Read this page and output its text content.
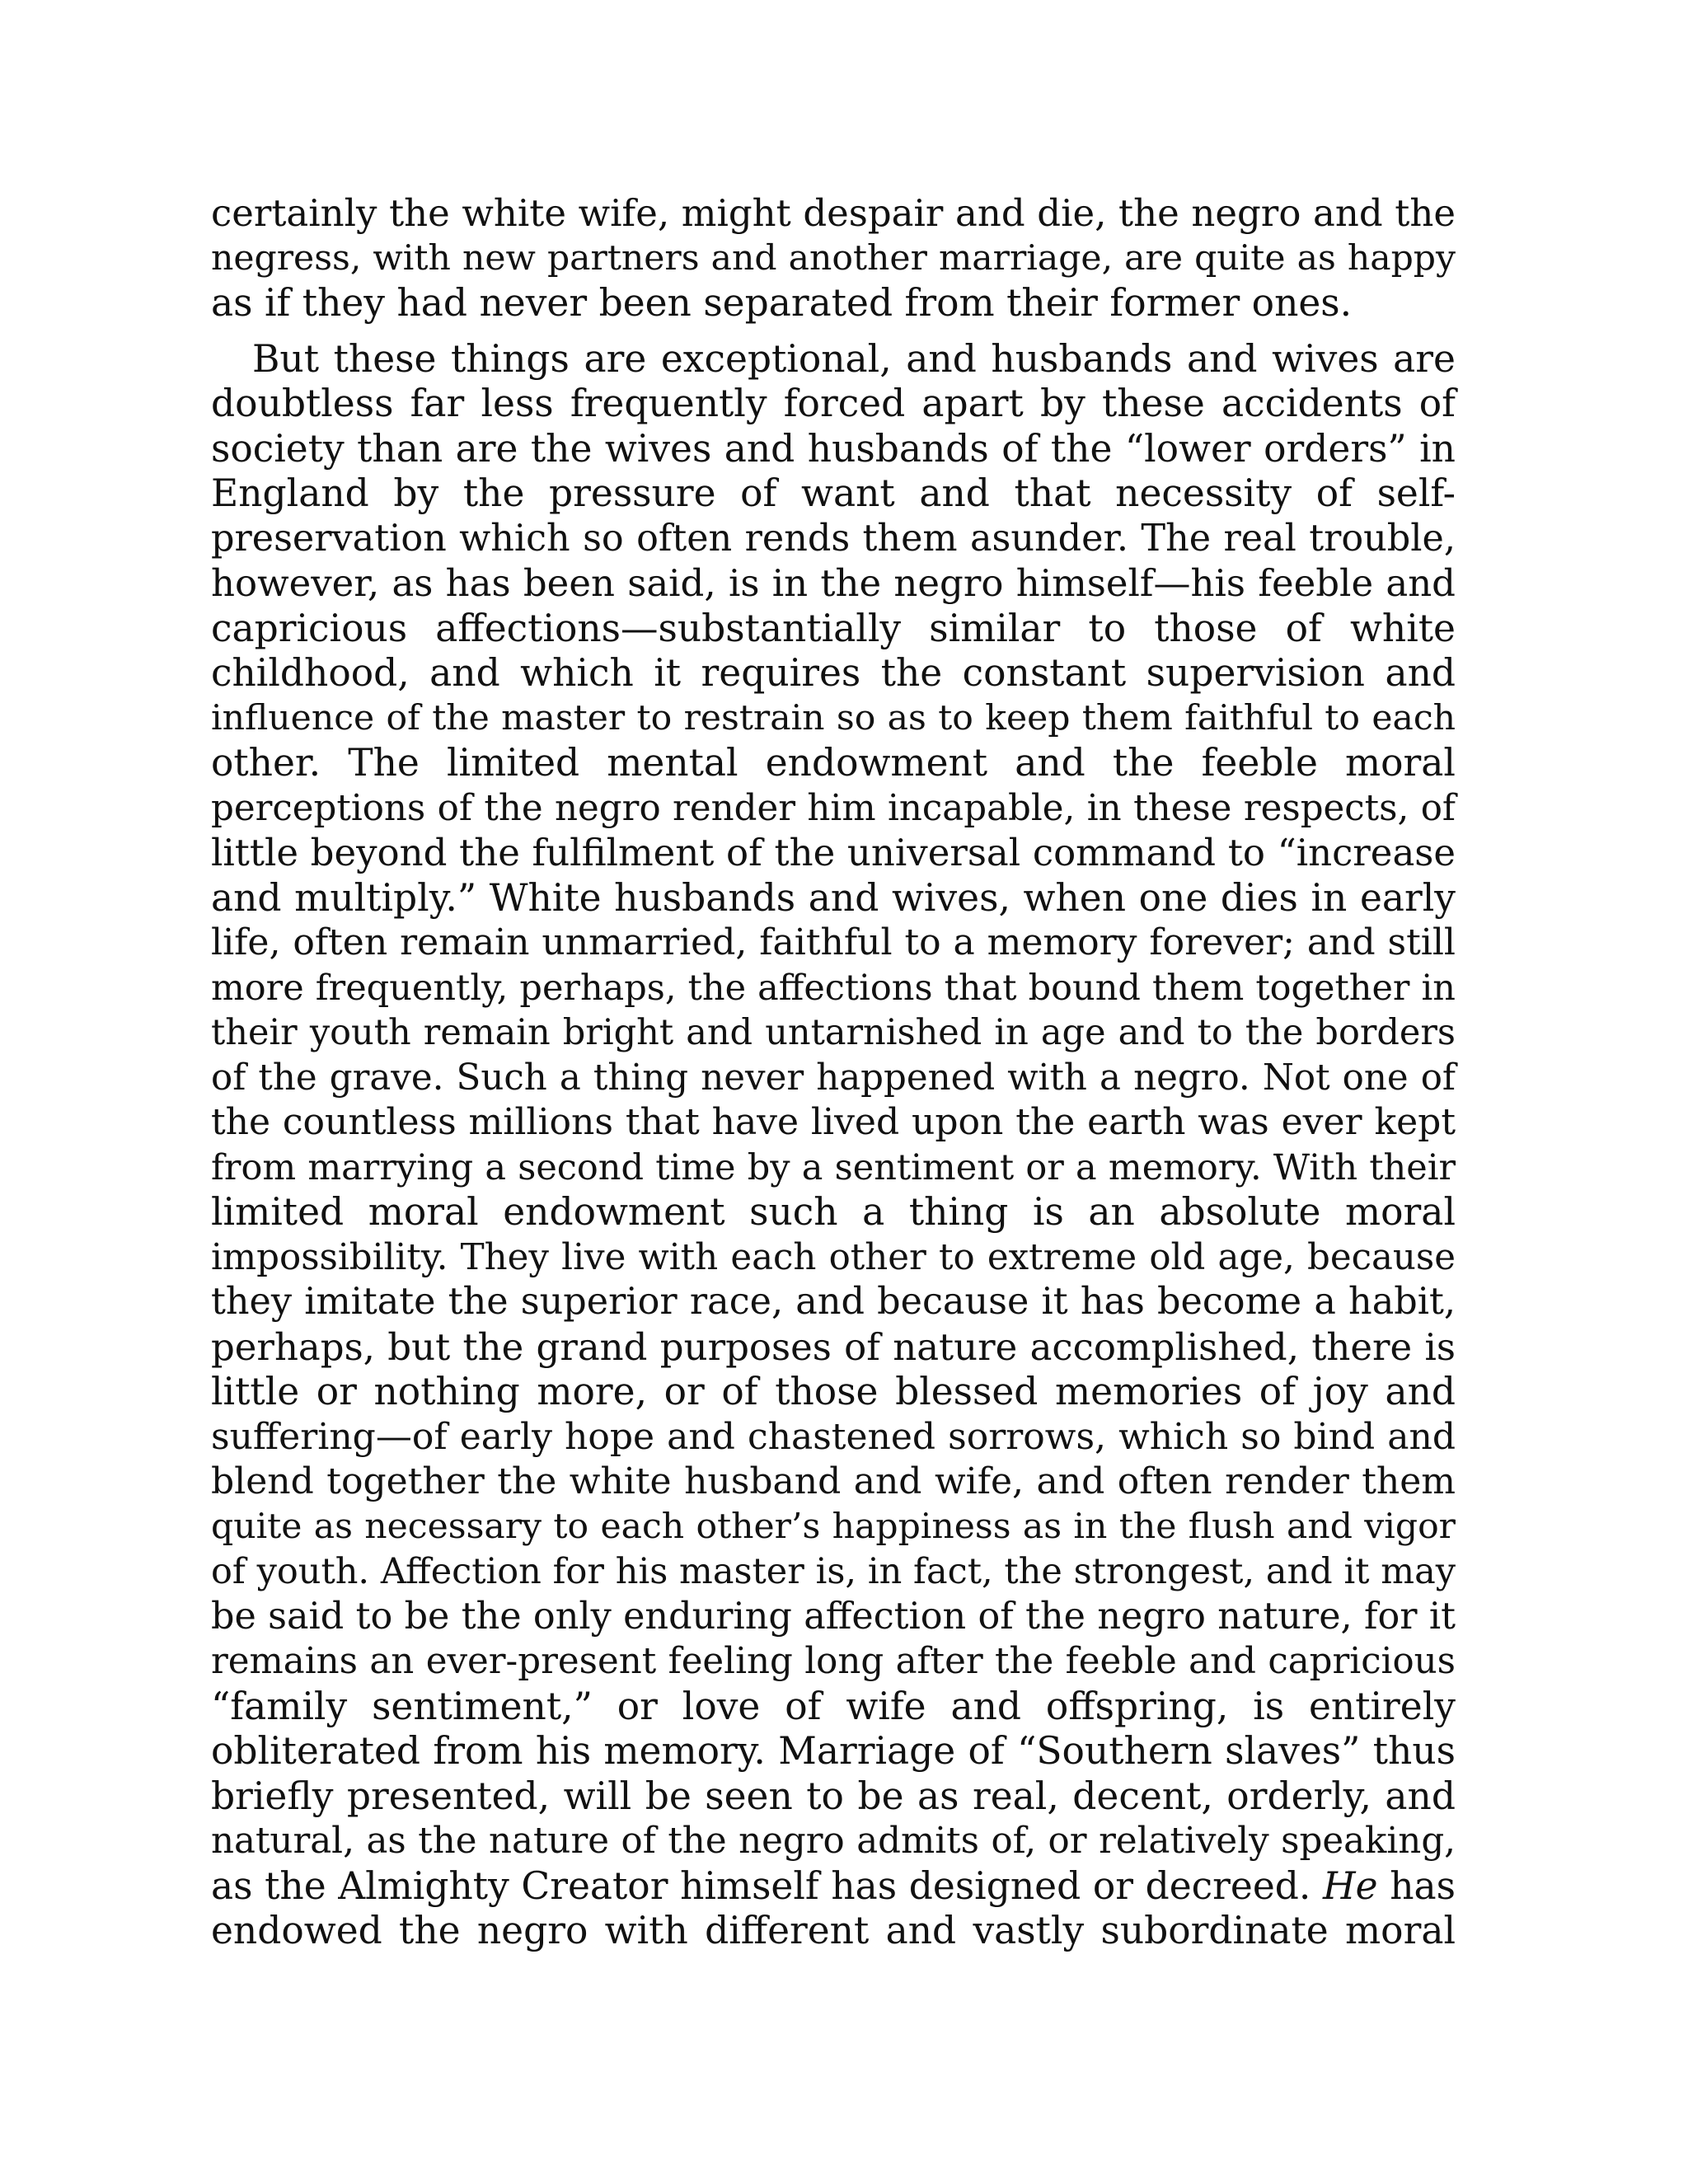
certainly the white wife, might despair and die, the negro and the
negress, with new partners and another marriage, are quite as happy
as if they had never been separated from their former ones.
But these things are exceptional, and husbands and wives are
doubtless far less frequently forced apart by these accidents of
society than are the wives and husbands of the “lower orders” in
England by the pressure of want and that necessity of self-
preservation which so often rends them asunder. The real trouble,
however, as has been said, is in the negro himself—his feeble and
capricious affections—substantially similar to those of white
childhood, and which it requires the constant supervision and
influence of the master to restrain so as to keep them faithful to each
other. The limited mental endowment and the feeble moral
perceptions of the negro render him incapable, in these respects, of
little beyond the fulfilment of the universal command to “increase
and multiply.” White husbands and wives, when one dies in early
life, often remain unmarried, faithful to a memory forever; and still
more frequently, perhaps, the affections that bound them together in
their youth remain bright and untarnished in age and to the borders
of the grave. Such a thing never happened with a negro. Not one of
the countless millions that have lived upon the earth was ever kept
from marrying a second time by a sentiment or a memory. With their
limited moral endowment such a thing is an absolute moral
impossibility. They live with each other to extreme old age, because
they imitate the superior race, and because it has become a habit,
perhaps, but the grand purposes of nature accomplished, there is
little or nothing more, or of those blessed memories of joy and
suffering—of early hope and chastened sorrows, which so bind and
blend together the white husband and wife, and often render them
quite as necessary to each other’s happiness as in the flush and vigor
of youth. Affection for his master is, in fact, the strongest, and it may
be said to be the only enduring affection of the negro nature, for it
remains an ever-present feeling long after the feeble and capricious
“family sentiment,” or love of wife and offspring, is entirely
obliterated from his memory. Marriage of “Southern slaves” thus
briefly presented, will be seen to be as real, decent, orderly, and
natural, as the nature of the negro admits of, or relatively speaking,
as the Almighty Creator himself has designed or decreed. He has
endowed the negro with different and vastly subordinate moral
